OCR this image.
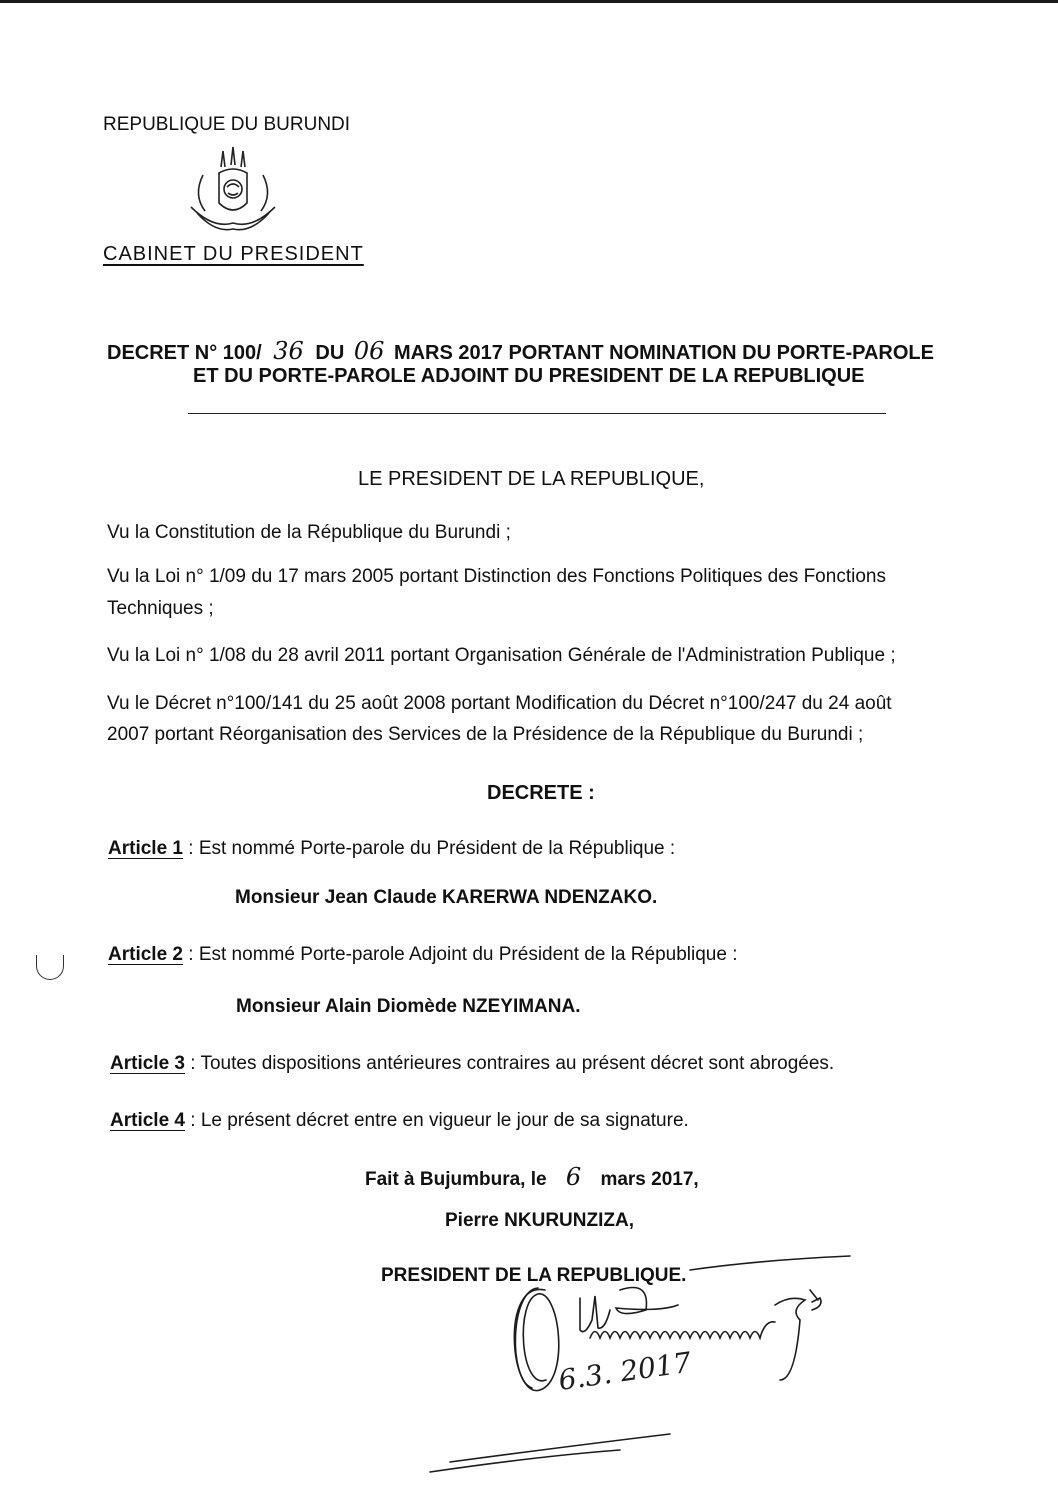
REPUBLIQUE DU BURUNDI
CABINET DU PRESIDENT
DECRET N° 100/ 36 DU 06 MARS 2017 PORTANT NOMINATION DU PORTE-PAROLE
ET DU PORTE-PAROLE ADJOINT DU PRESIDENT DE LA REPUBLIQUE
LE PRESIDENT DE LA REPUBLIQUE,
Vu la Constitution de la République du Burundi ;
Vu la Loi n° 1/09 du 17 mars 2005 portant Distinction des Fonctions Politiques des Fonctions
Techniques ;
Vu la Loi n° 1/08 du 28 avril 2011 portant Organisation Générale de l'Administration Publique ;
Vu le Décret n°100/141 du 25 août 2008 portant Modification du Décret n°100/247 du 24 août
2007 portant Réorganisation des Services de la Présidence de la République du Burundi ;
DECRETE :
Article 1 : Est nommé Porte-parole du Président de la République :
Monsieur Jean Claude KARERWA NDENZAKO.
Article 2 : Est nommé Porte-parole Adjoint du Président de la République :
Monsieur Alain Diomède NZEYIMANA.
Article 3 : Toutes dispositions antérieures contraires au présent décret sont abrogées.
Article 4 : Le présent décret entre en vigueur le jour de sa signature.
Fait à Bujumbura, le 6 mars 2017,
Pierre NKURUNZIZA,
PRESIDENT DE LA REPUBLIQUE.
6.3. 2017
